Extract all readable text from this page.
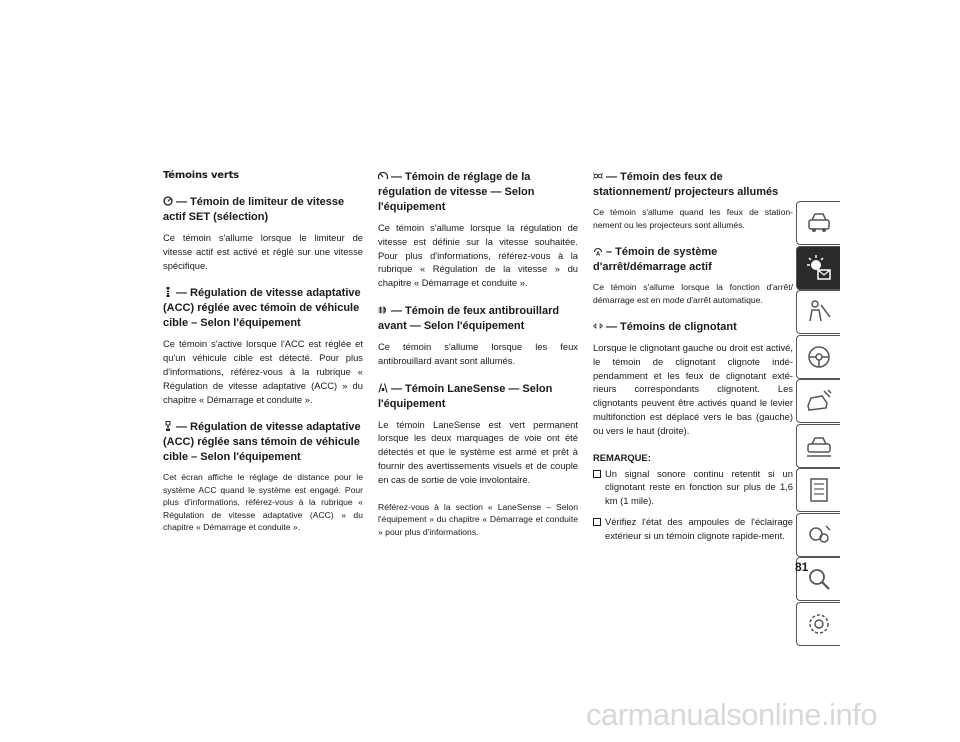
Témoins verts
— Témoin de limiteur de vitesse actif SET (sélection)

Ce témoin s'allume lorsque le limiteur de vitesse actif est activé et réglé sur une vitesse spécifique.

— Régulation de vitesse adaptative (ACC) réglée avec témoin de véhicule cible – Selon l'équipement

Ce témoin s'active lorsque l'ACC est réglée et qu'un véhicule cible est détecté. Pour plus d'informations, référez-vous à la rubrique « Régulation de vitesse adaptative (ACC) » du chapitre « Démarrage et conduite ».

— Régulation de vitesse adaptative (ACC) réglée sans témoin de véhicule cible – Selon l'équipement

Cet écran affiche le réglage de distance pour le système ACC quand le système est engagé. Pour plus d'informations, référez-vous à la rubrique « Régulation de vitesse adaptative (ACC) » du chapitre « Démarrage et conduite ».

— Témoin de réglage de la régulation de vitesse — Selon l'équipement

Ce témoin s'allume lorsque la régulation de vitesse est définie sur la vitesse souhaitée. Pour plus d'informations, référez-vous à la rubrique « Régulation de la vitesse » du chapitre « Démarrage et conduite ».

— Témoin de feux antibrouillard avant — Selon l'équipement

Ce témoin s'allume lorsque les feux antibrouillard avant sont allumés.

— Témoin LaneSense — Selon l'équipement

Le témoin LaneSense est vert permanent lorsque les deux marquages de voie ont été détectés et que le système est armé et prêt à fournir des avertissements visuels et de couple en cas de sortie de voie involontaire.

Référez-vous à la section « LaneSense – Selon l'équipement » du chapitre « Démarrage et conduite » pour plus d'informations.

— Témoin des feux de stationnement/ projecteurs allumés

Ce témoin s'allume quand les feux de station-nement ou les projecteurs sont allumés.

A – Témoin de système d'arrêt/démarrage actif

Ce témoin s'allume lorsque la fonction d'arrêt/ démarrage est en mode d'arrêt automatique.

— Témoins de clignotant

Lorsque le clignotant gauche ou droit est activé, le témoin de clignotant clignote indé-pendamment et les feux de clignotant exté-rieurs correspondants clignotent. Les clignotants peuvent être activés quand le levier multifonction est déplacé vers le bas (gauche) ou vers le haut (droite).

REMARQUE:
Un signal sonore continu retentit si un clignotant reste en fonction sur plus de 1,6 km (1 mile).
Vérifiez l'état des ampoules de l'éclairage extérieur si un témoin clignote rapide-ment.
81
carmanualsonline.info
